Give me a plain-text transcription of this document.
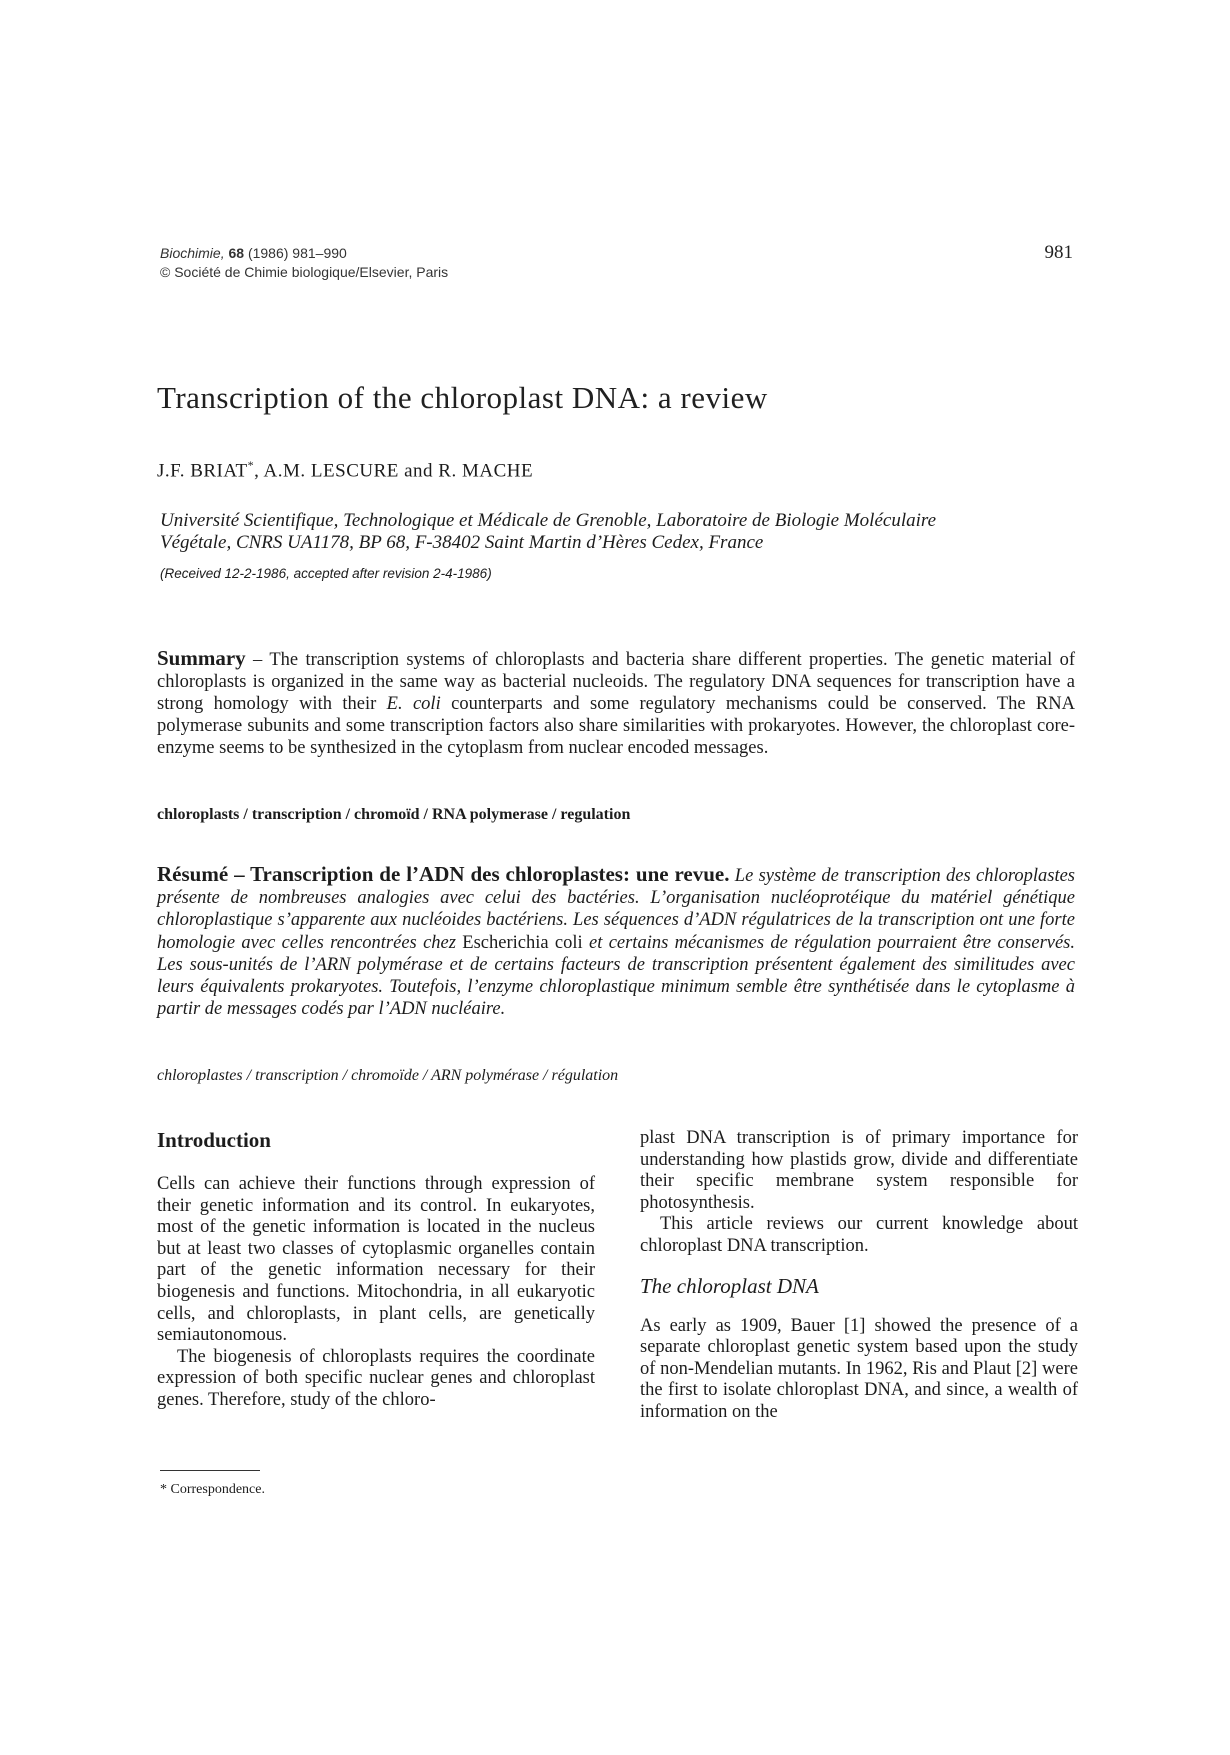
Biochimie, 68 (1986) 981–990
© Société de Chimie biologique/Elsevier, Paris
981
Transcription of the chloroplast DNA: a review
J.F. BRIAT*, A.M. LESCURE and R. MACHE
Université Scientifique, Technologique et Médicale de Grenoble, Laboratoire de Biologie Moléculaire
Végétale, CNRS UA1178, BP 68, F-38402 Saint Martin d’Hères Cedex, France
(Received 12-2-1986, accepted after revision 2-4-1986)
Summary – The transcription systems of chloroplasts and bacteria share different properties. The genetic material of chloroplasts is organized in the same way as bacterial nucleoids. The regulatory DNA sequences for transcription have a strong homology with their E. coli counterparts and some regulatory mechanisms could be conserved. The RNA polymerase subunits and some transcription factors also share similarities with prokaryotes. However, the chloroplast core-enzyme seems to be synthesized in the cytoplasm from nuclear encoded messages.
chloroplasts / transcription / chromoïd / RNA polymerase / regulation
Résumé – Transcription de l’ADN des chloroplastes: une revue. Le système de transcription des chloroplastes présente de nombreuses analogies avec celui des bactéries. L’organisation nucléoprotéique du matériel génétique chloroplastique s’apparente aux nucléoides bactériens. Les séquences d’ADN régulatrices de la transcription ont une forte homologie avec celles rencontrées chez Escherichia coli et certains mécanismes de régulation pourraient être conservés. Les sous-unités de l’ARN polymérase et de certains facteurs de transcription présentent également des similitudes avec leurs équivalents prokaryotes. Toutefois, l’enzyme chloroplastique minimum semble être synthétisée dans le cytoplasme à partir de messages codés par l’ADN nucléaire.
chloroplastes / transcription / chromoïde / ARN polymérase / régulation
Introduction

Cells can achieve their functions through expression of their genetic information and its control. In eukaryotes, most of the genetic information is located in the nucleus but at least two classes of cytoplasmic organelles contain part of the genetic information necessary for their biogenesis and functions. Mitochondria, in all eukaryotic cells, and chloroplasts, in plant cells, are genetically semiautonomous.

The biogenesis of chloroplasts requires the coordinate expression of both specific nuclear genes and chloroplast genes. Therefore, study of the chloro-

plast DNA transcription is of primary importance for understanding how plastids grow, divide and differentiate their specific membrane system responsible for photosynthesis.

This article reviews our current knowledge about chloroplast DNA transcription.

The chloroplast DNA

As early as 1909, Bauer [1] showed the presence of a separate chloroplast genetic system based upon the study of non-Mendelian mutants. In 1962, Ris and Plaut [2] were the first to isolate chloroplast DNA, and since, a wealth of information on the

* Correspondence.
